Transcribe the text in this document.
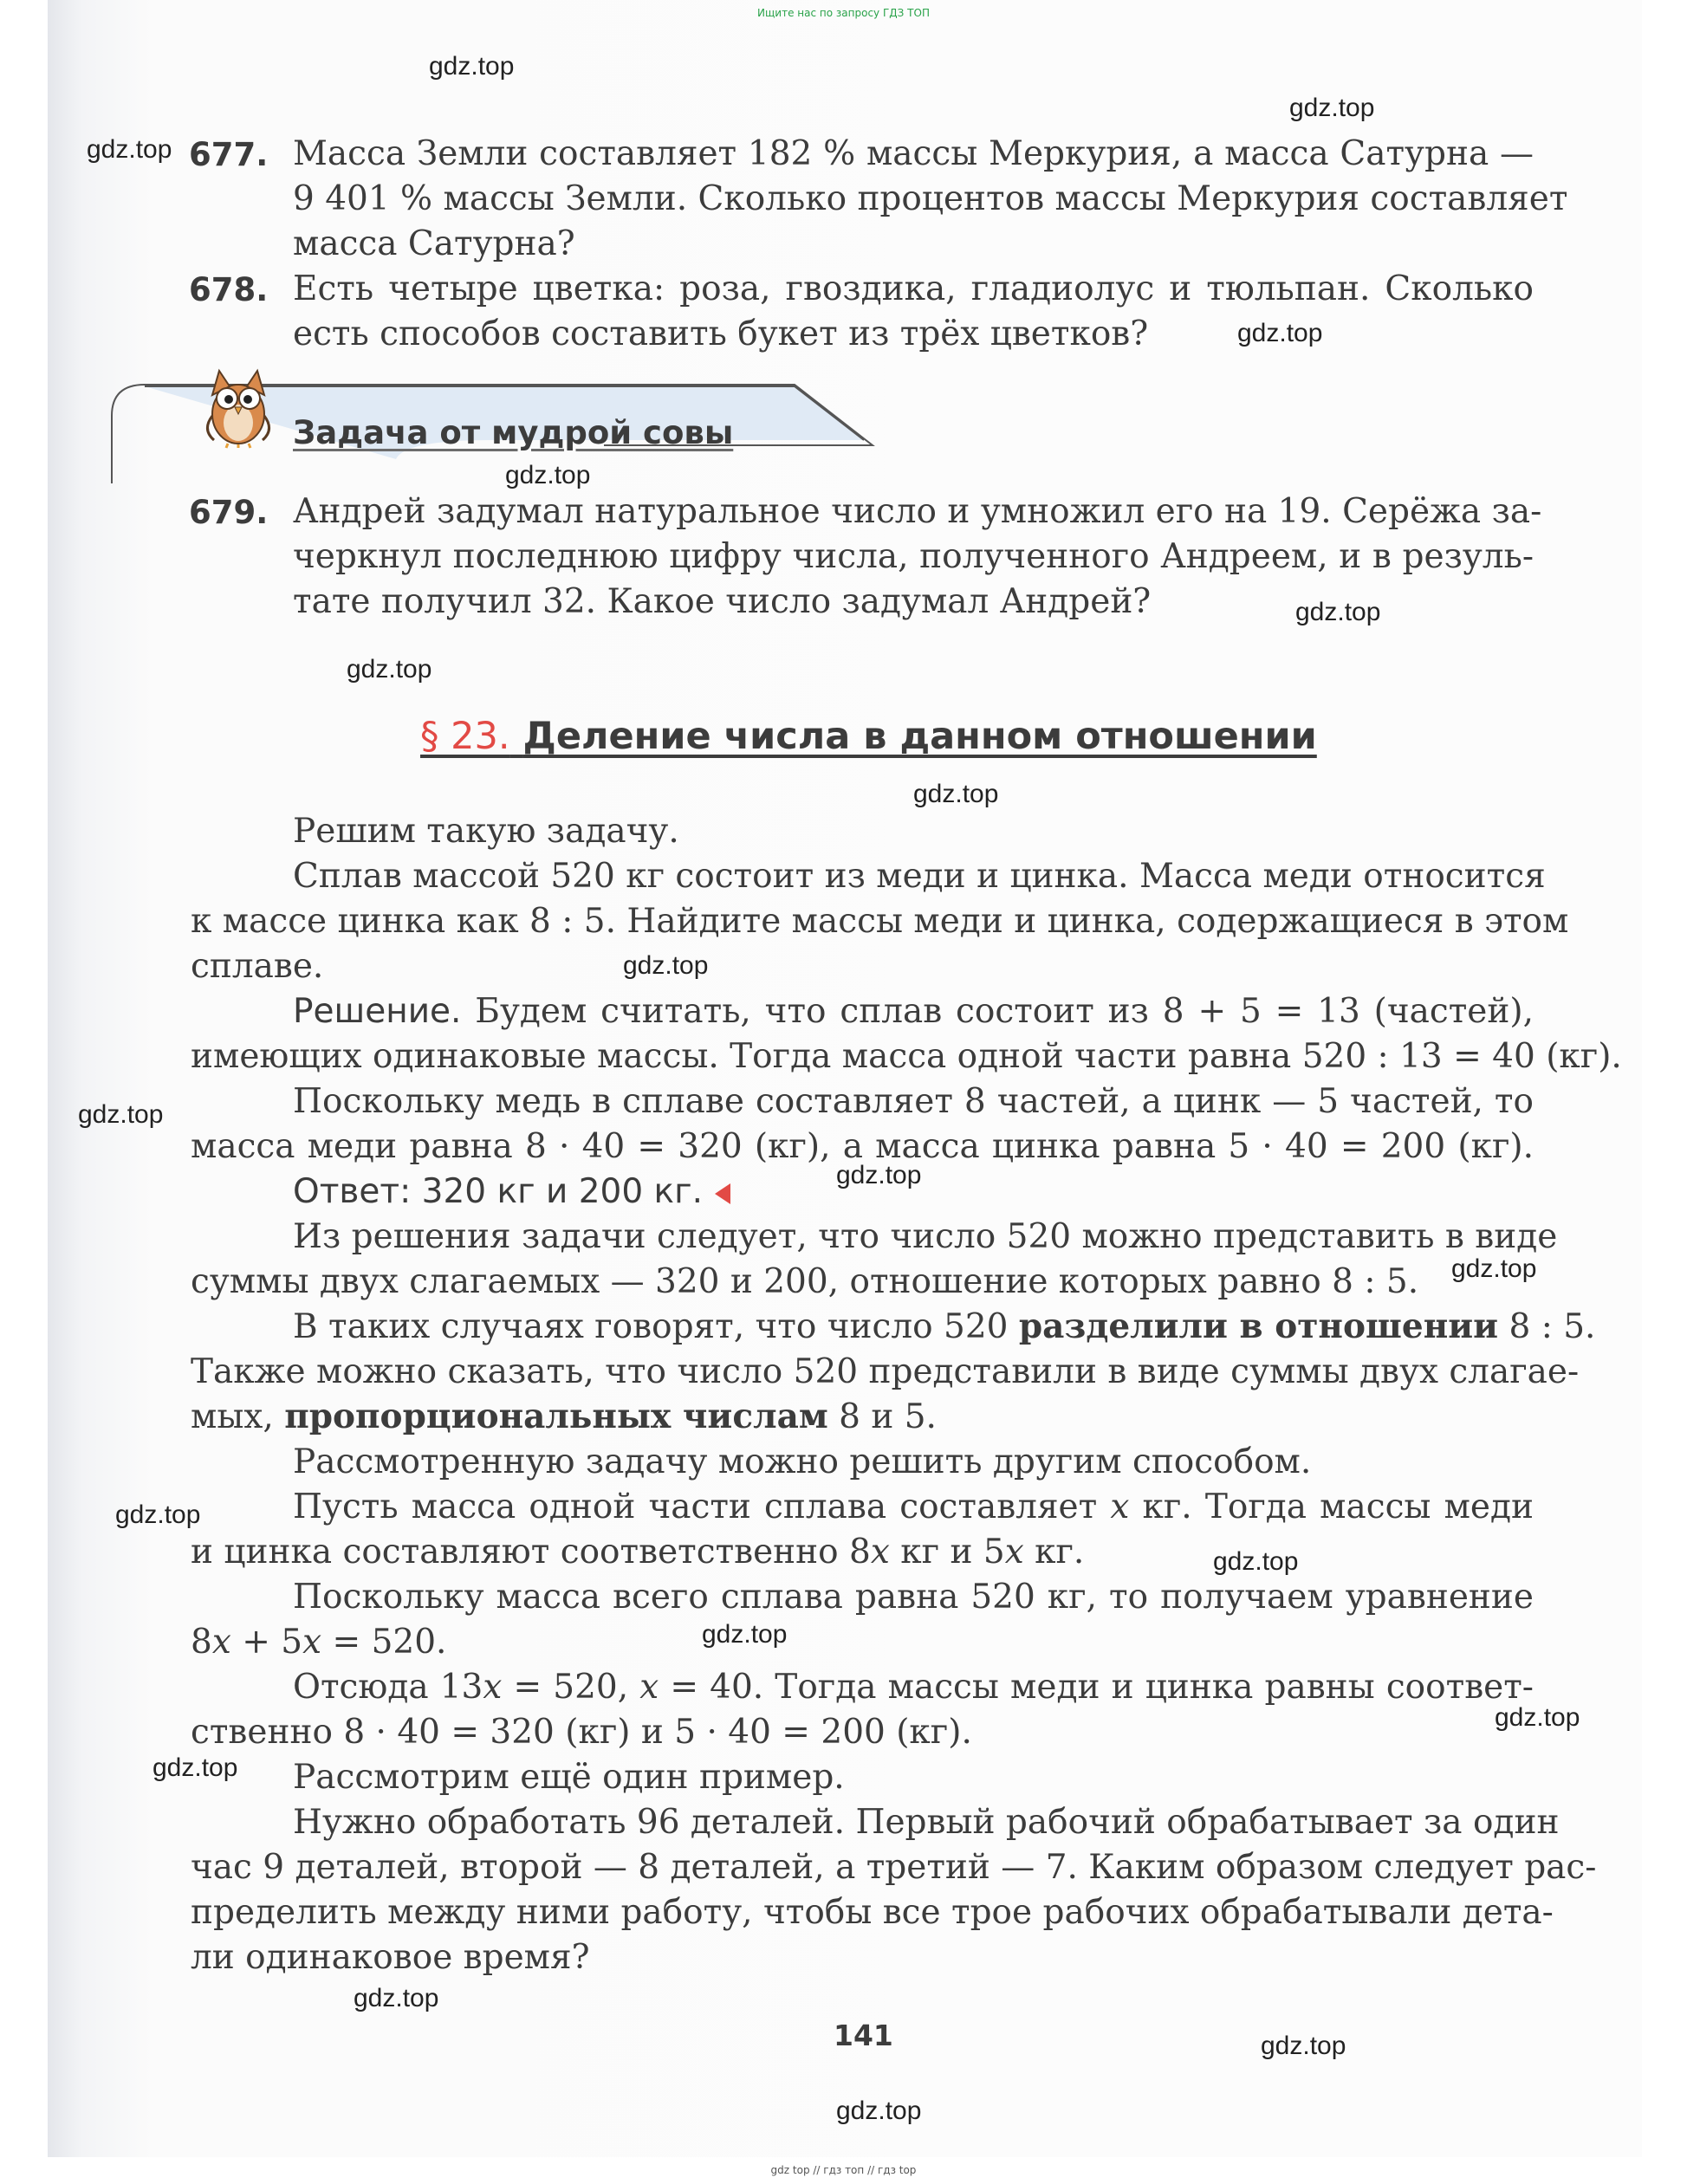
Ищите нас по запросу ГДЗ ТОП
gdz.top
gdz.top
gdz.top
gdz.top
gdz.top
gdz.top
gdz.top
gdz.top
gdz.top
gdz.top
gdz.top
gdz.top
gdz.top
gdz.top
gdz.top
gdz.top
gdz.top
gdz.top
gdz.top
gdz.top
677. Масса Земли составляет 182 % массы Меркурия, а масса Сатурна —
9 401 % массы Земли. Сколько процентов массы Меркурия составляет
масса Сатурна?
678. Есть четыре цветка: роза, гвоздика, гладиолус и тюльпан. Сколько
есть способов составить букет из трёх цветков?
Задача от мудрой совы
679. Андрей задумал натуральное число и умножил его на 19. Серёжа за-
черкнул последнюю цифру числа, полученного Андреем, и в резуль-
тате получил 32. Какое число задумал Андрей?
§ 23. Деление числа в данном отношении
Решим такую задачу.
Сплав массой 520 кг состоит из меди и цинка. Масса меди относится
к массе цинка как 8 : 5. Найдите массы меди и цинка, содержащиеся в этом
сплаве.
Решение. Будем считать, что сплав состоит из 8 + 5 = 13 (частей),
имеющих одинаковые массы. Тогда масса одной части равна 520 : 13 = 40 (кг).
Поскольку медь в сплаве составляет 8 частей, а цинк — 5 частей, то
масса меди равна 8 · 40 = 320 (кг), а масса цинка равна 5 · 40 = 200 (кг).
Ответ: 320 кг и 200 кг.
Из решения задачи следует, что число 520 можно представить в виде
суммы двух слагаемых — 320 и 200, отношение которых равно 8 : 5.
В таких случаях говорят, что число 520 разделили в отношении 8 : 5.
Также можно сказать, что число 520 представили в виде суммы двух слагае-
мых, пропорциональных числам 8 и 5.
Рассмотренную задачу можно решить другим способом.
Пусть масса одной части сплава составляет x кг. Тогда массы меди
и цинка составляют соответственно 8x кг и 5x кг.
Поскольку масса всего сплава равна 520 кг, то получаем уравнение
8x + 5x = 520.
Отсюда 13x = 520, x = 40. Тогда массы меди и цинка равны соответ-
ственно 8 · 40 = 320 (кг) и 5 · 40 = 200 (кг).
Рассмотрим ещё один пример.
Нужно обработать 96 деталей. Первый рабочий обрабатывает за один
час 9 деталей, второй — 8 деталей, а третий — 7. Каким образом следует рас-
пределить между ними работу, чтобы все трое рабочих обрабатывали дета-
ли одинаковое время?
141
gdz top // гдз топ // гдз top
